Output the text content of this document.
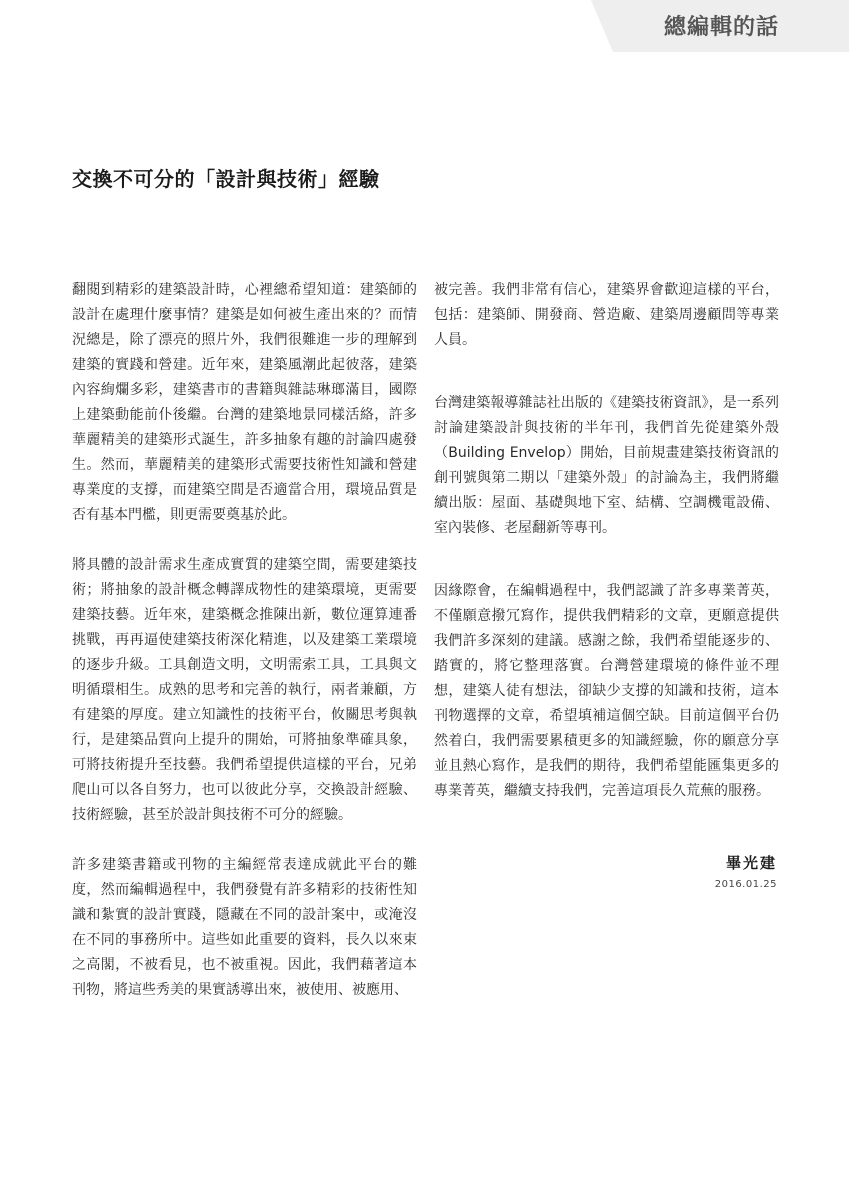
總編輯的話
交換不可分的「設計與技術」經驗

翻閱到精彩的建築設計時，心裡總希望知道：建築師的設計在處理什麼事情？建築是如何被生產出來的？而情況總是，除了漂亮的照片外，我們很難進一步的理解到建築的實踐和營建。近年來，建築風潮此起彼落，建築內容絢爛多彩，建築書市的書籍與雜誌琳瑯滿目，國際上建築動能前仆後繼。台灣的建築地景同樣活絡，許多華麗精美的建築形式誕生，許多抽象有趣的討論四處發生。然而，華麗精美的建築形式需要技術性知識和營建專業度的支撐，而建築空間是否適當合用，環境品質是否有基本門檻，則更需要奠基於此。

將具體的設計需求生產成實質的建築空間，需要建築技術；將抽象的設計概念轉譯成物性的建築環境，更需要建築技藝。近年來，建築概念推陳出新，數位運算連番挑戰，再再逼使建築技術深化精進，以及建築工業環境的逐步升級。工具創造文明，文明需索工具，工具與文明循環相生。成熟的思考和完善的執行，兩者兼顧，方有建築的厚度。建立知識性的技術平台，攸關思考與執行，是建築品質向上提升的開始，可將抽象準確具象，可將技術提升至技藝。我們希望提供這樣的平台，兄弟爬山可以各自努力，也可以彼此分享，交換設計經驗、技術經驗，甚至於設計與技術不可分的經驗。

許多建築書籍或刊物的主編經常表達成就此平台的難度，然而編輯過程中，我們發覺有許多精彩的技術性知識和紮實的設計實踐，隱藏在不同的設計案中，或淹沒在不同的事務所中。這些如此重要的資料，長久以來束之高閣，不被看見，也不被重視。因此，我們藉著這本刊物，將這些秀美的果實誘導出來，被使用、被應用、

被完善。我們非常有信心，建築界會歡迎這樣的平台，包括：建築師、開發商、營造廠、建築周邊顧問等專業人員。

台灣建築報導雜誌社出版的《建築技術資訊》，是一系列討論建築設計與技術的半年刊，我們首先從建築外殼（Building Envelop）開始，目前規畫建築技術資訊的創刊號與第二期以「建築外殼」的討論為主，我們將繼續出版：屋面、基礎與地下室、結構、空調機電設備、室內裝修、老屋翻新等專刊。

因緣際會，在編輯過程中，我們認識了許多專業菁英，不僅願意撥冗寫作，提供我們精彩的文章，更願意提供我們許多深刻的建議。感謝之餘，我們希望能逐步的、踏實的，將它整理落實。台灣營建環境的條件並不理想，建築人徒有想法，卻缺少支撐的知識和技術，這本刊物選擇的文章，希望填補這個空缺。目前這個平台仍然着白，我們需要累積更多的知識經驗，你的願意分享並且熱心寫作，是我們的期待，我們希望能匯集更多的專業菁英，繼續支持我們，完善這項長久荒蕪的服務。

畢光建
2016.01.25
